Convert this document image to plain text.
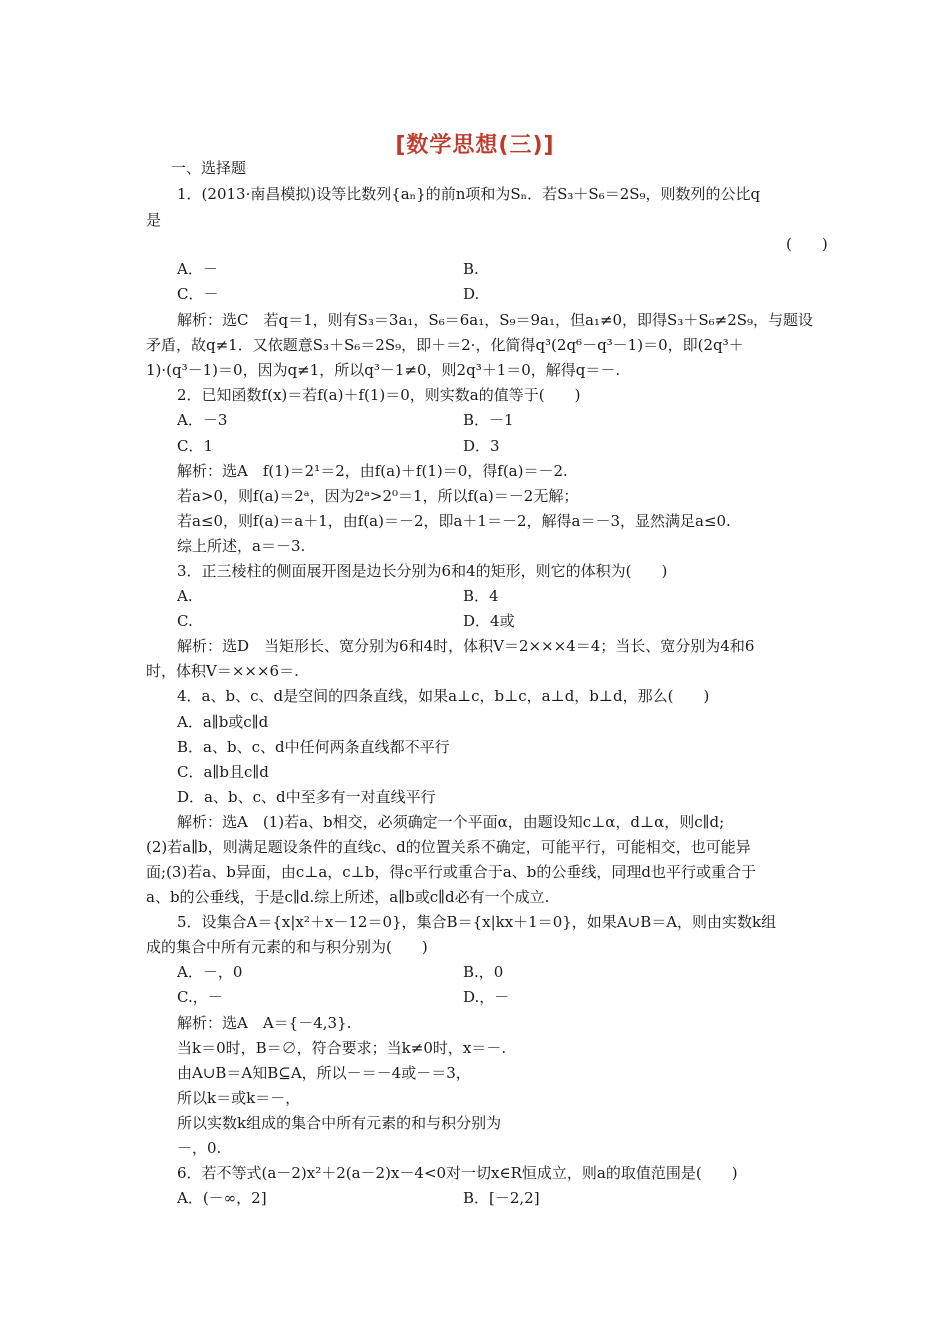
[数学思想(三)]
一、选择题
1．(2013·南昌模拟)设等比数列{aₙ}的前n项和为Sₙ．若S₃＋S₆＝2S₉，则数列的公比q
是
(　　)
A．－	B.
C．－	D.
解析：选C　若q＝1，则有S₃＝3a₁，S₆＝6a₁，S₉＝9a₁，但a₁≠0，即得S₃＋S₆≠2S₉，与题设
矛盾，故q≠1．又依题意S₃＋S₆＝2S₉，即＋＝2·，化简得q³(2q⁶－q³－1)＝0，即(2q³＋
1)·(q³－1)＝0，因为q≠1，所以q³－1≠0，则2q³＋1＝0，解得q＝－.
2．已知函数f(x)＝若f(a)＋f(1)＝0，则实数a的值等于(　　)
A．－3	B．－1
C．1	D．3
解析：选A　f(1)＝2¹＝2，由f(a)＋f(1)＝0，得f(a)＝－2.
若a>0，则f(a)＝2ᵃ，因为2ᵃ>2⁰＝1，所以f(a)＝－2无解；
若a≤0，则f(a)＝a＋1，由f(a)＝－2，即a＋1＝－2，解得a＝－3，显然满足a≤0.
综上所述，a＝－3.
3．正三棱柱的侧面展开图是边长分别为6和4的矩形，则它的体积为(　　)
A.	B．4
C.	D．4或
解析：选D　当矩形长、宽分别为6和4时，体积V＝2×××4＝4；当长、宽分别为4和6
时，体积V＝×××6＝.
4．a、b、c、d是空间的四条直线，如果a⊥c，b⊥c，a⊥d，b⊥d，那么(　　)
A．a∥b或c∥d
B．a、b、c、d中任何两条直线都不平行
C．a∥b且c∥d
D．a、b、c、d中至多有一对直线平行
解析：选A　(1)若a、b相交，必须确定一个平面α，由题设知c⊥α，d⊥α，则c∥d;
(2)若a∥b，则满足题设条件的直线c、d的位置关系不确定，可能平行，可能相交，也可能异
面;(3)若a、b异面，由c⊥a，c⊥b，得c平行或重合于a、b的公垂线，同理d也平行或重合于
a、b的公垂线，于是c∥d.综上所述，a∥b或c∥d必有一个成立.
5．设集合A＝{x|x²＋x－12＝0}，集合B＝{x|kx＋1＝0}，如果A∪B＝A，则由实数k组
成的集合中所有元素的和与积分别为(　　)
A．－，0	B.，0
C.，－	D.，－
解析：选A　A＝{－4,3}.
当k＝0时，B＝∅，符合要求；当k≠0时，x＝－.
由A∪B＝A知B⊆A，所以－＝－4或－＝3，
所以k＝或k＝－，
所以实数k组成的集合中所有元素的和与积分别为
－，0.
6．若不等式(a－2)x²＋2(a－2)x－4<0对一切x∈R恒成立，则a的取值范围是(　　)
A．(－∞，2]	B．[－2,2]
